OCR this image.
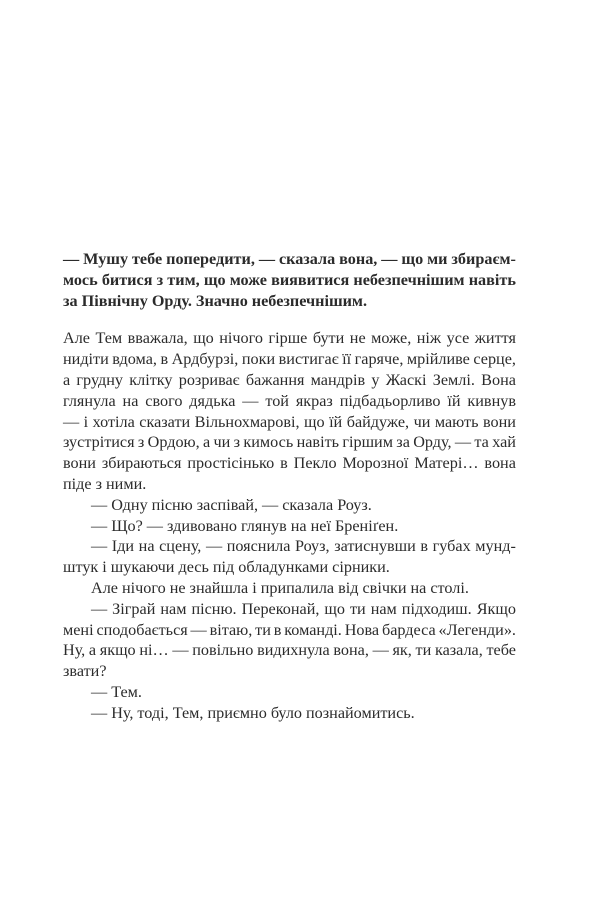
— Мушу тебе попередити, — сказала вона, — що ми збираєм-
мось битися з тим, що може виявитися небезпечнішим навіть
за Північну Орду. Значно небезпечнішим.
Але Тем вважала, що нічого гірше бути не може, ніж усе життя
нидіти вдома, в Ардбурзі, поки вистигає її гаряче, мрійливе серце,
а грудну клітку розриває бажання мандрів у Жаскі Землі. Вона
глянула на свого дядька — той якраз підбадьорливо їй кивнув
— і хотіла сказати Вільнохмарові, що їй байдуже, чи мають вони
зустрітися з Ордою, а чи з кимось навіть гіршим за Орду, — та хай
вони збираються простісінько в Пекло Морозної Матері… вона
піде з ними.
— Одну пісню заспівай, — сказала Роуз.
— Що? — здивовано глянув на неї Бреніґен.
— Іди на сцену, — пояснила Роуз, затиснувши в губах мунд-
штук і шукаючи десь під обладунками сірники.
Але нічого не знайшла і припалила від свічки на столі.
— Зіграй нам пісню. Переконай, що ти нам підходиш. Якщо
мені сподобається — вітаю, ти в команді. Нова бардеса «Легенди».
Ну, а якщо ні… — повільно видихнула вона, — як, ти казала, тебе
звати?
— Тем.
— Ну, тоді, Тем, приємно було познайомитись.
